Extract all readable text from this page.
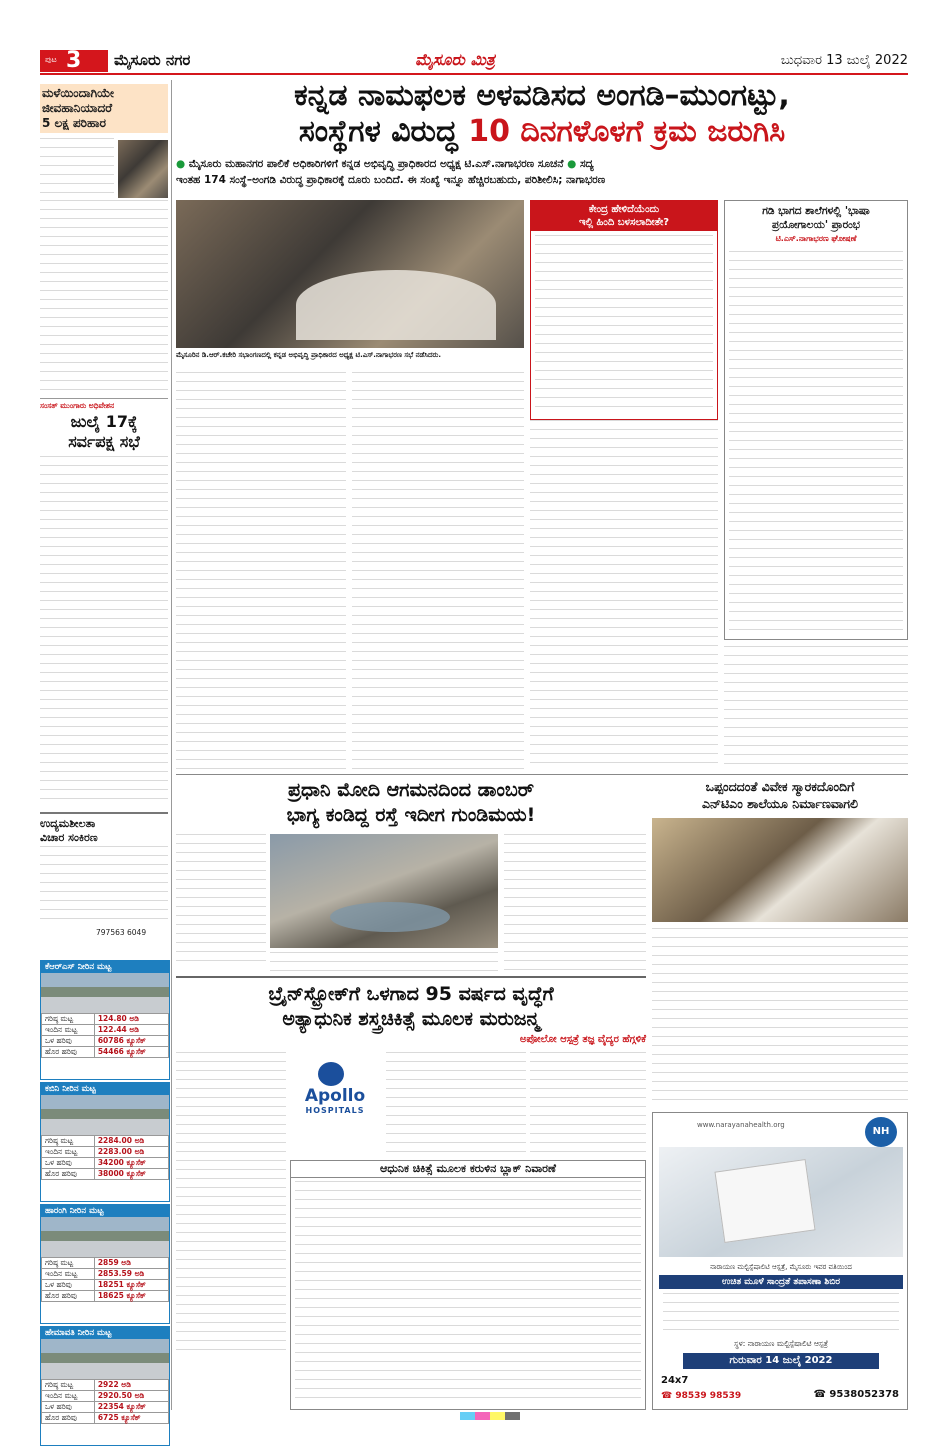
ಪುಟ 3 ಮೈಸೂರು ನಗರ	ಮೈಸೂರು ಮಿತ್ರ	ಬುಧವಾರ 13 ಜುಲೈ 2022
ಮಳೆಯಿಂದಾಗಿಯೇ
ಜೀವಹಾನಿಯಾದರೆ
5 ಲಕ್ಷ ಪರಿಹಾರ
ಸಂಸತ್ ಮುಂಗಾರು ಅಧಿವೇಶನ
ಜುಲೈ 17ಕ್ಕೆ
ಸರ್ವಪಕ್ಷ ಸಭೆ
ಉದ್ಯಮಶೀಲತಾ
ವಿಚಾರ ಸಂಕಿರಣ
797563 6049
ಕೆಆರ್‌ಎಸ್ ನೀರಿನ ಮಟ್ಟ
ಗರಿಷ್ಠ ಮಟ್ಟ	124.80 ಅಡಿ
ಇಂದಿನ ಮಟ್ಟ	122.44 ಅಡಿ
ಒಳ ಹರಿವು	60786 ಕ್ಯೂಸೆಕ್
ಹೊರ ಹರಿವು	54466 ಕ್ಯೂಸೆಕ್
ಕಬಿನಿ ನೀರಿನ ಮಟ್ಟ
ಗರಿಷ್ಠ ಮಟ್ಟ	2284.00 ಅಡಿ
ಇಂದಿನ ಮಟ್ಟ	2283.00 ಅಡಿ
ಒಳ ಹರಿವು	34200 ಕ್ಯೂಸೆಕ್
ಹೊರ ಹರಿವು	38000 ಕ್ಯೂಸೆಕ್
ಹಾರಂಗಿ ನೀರಿನ ಮಟ್ಟ
ಗರಿಷ್ಠ ಮಟ್ಟ	2859 ಅಡಿ
ಇಂದಿನ ಮಟ್ಟ	2853.59 ಅಡಿ
ಒಳ ಹರಿವು	18251 ಕ್ಯೂಸೆಕ್
ಹೊರ ಹರಿವು	18625 ಕ್ಯೂಸೆಕ್
ಹೇಮಾವತಿ ನೀರಿನ ಮಟ್ಟ
ಗರಿಷ್ಠ ಮಟ್ಟ	2922 ಅಡಿ
ಇಂದಿನ ಮಟ್ಟ	2920.50 ಅಡಿ
ಒಳ ಹರಿವು	22354 ಕ್ಯೂಸೆಕ್
ಹೊರ ಹರಿವು	6725 ಕ್ಯೂಸೆಕ್
ಕನ್ನಡ ನಾಮಫಲಕ ಅಳವಡಿಸದ ಅಂಗಡಿ–ಮುಂಗಟ್ಟು,
ಸಂಸ್ಥೆಗಳ ವಿರುದ್ಧ 10 ದಿನಗಳೊಳಗೆ ಕ್ರಮ ಜರುಗಿಸಿ
● ಮೈಸೂರು ಮಹಾನಗರ ಪಾಲಿಕೆ ಅಧಿಕಾರಿಗಳಿಗೆ ಕನ್ನಡ ಅಭಿವೃದ್ಧಿ ಪ್ರಾಧಿಕಾರದ ಅಧ್ಯಕ್ಷ ಟಿ.ಎಸ್.ನಾಗಾಭರಣ ಸೂಚನೆ ● ಸದ್ಯ
ಇಂತಹ 174 ಸಂಸ್ಥೆ–ಅಂಗಡಿ ವಿರುದ್ಧ ಪ್ರಾಧಿಕಾರಕ್ಕೆ ದೂರು ಬಂದಿದೆ. ಈ ಸಂಖ್ಯೆ ಇನ್ನೂ ಹೆಚ್ಚಿರಬಹುದು, ಪರಿಶೀಲಿಸಿ; ನಾಗಾಭರಣ
ಮೈಸೂರಿನ ಡಿ.ಆರ್.ಕಚೇರಿ ಸಭಾಂಗಣದಲ್ಲಿ ಕನ್ನಡ ಅಭಿವೃದ್ಧಿ ಪ್ರಾಧಿಕಾರದ ಅಧ್ಯಕ್ಷ ಟಿ.ಎಸ್.ನಾಗಾಭರಣ ಸಭೆ ನಡೆಸಿದರು.
ಕೇಂದ್ರ ಹೇಳಿದೆಯೆಂದು
ಇಲ್ಲಿ ಹಿಂದಿ ಬಳಸಲಾದೀತೇ?
ಗಡಿ ಭಾಗದ ಶಾಲೆಗಳಲ್ಲಿ 'ಭಾಷಾ
ಪ್ರಯೋಗಾಲಯ' ಪ್ರಾರಂಭ
ಟಿ.ಎಸ್.ನಾಗಾಭರಣ ಘೋಷಣೆ
ಪ್ರಧಾನಿ ಮೋದಿ ಆಗಮನದಿಂದ ಡಾಂಬರ್
ಭಾಗ್ಯ ಕಂಡಿದ್ದ ರಸ್ತೆ ಇದೀಗ ಗುಂಡಿಮಯ!
ಒಪ್ಪಂದದಂತೆ ವಿವೇಕ ಸ್ಮಾರಕದೊಂದಿಗೆ
ಎನ್‌ಟಿಎಂ ಶಾಲೆಯೂ ನಿರ್ಮಾಣವಾಗಲಿ
ಬ್ರೈನ್‌ಸ್ಟ್ರೋಕ್‌ಗೆ ಒಳಗಾದ 95 ವರ್ಷದ ವೃದ್ಧೆಗೆ
ಅತ್ಯಾಧುನಿಕ ಶಸ್ತ್ರಚಿಕಿತ್ಸೆ ಮೂಲಕ ಮರುಜನ್ಮ
ಅಪೋಲೋ ಆಸ್ಪತ್ರೆ ತಜ್ಞ ವೈದ್ಯರ ಹೆಗ್ಗಳಿಕೆ
Apollo
HOSPITALS
ಆಧುನಿಕ ಚಿಕಿತ್ಸೆ ಮೂಲಕ ಕರುಳಿನ ಬ್ಲಾಕ್ ನಿವಾರಣೆ
www.narayanahealth.org
NH
ನಾರಾಯಣ ಮಲ್ಟಿಸ್ಪೆಷಾಲಿಟಿ ಆಸ್ಪತ್ರೆ, ಮೈಸೂರು ಇವರ ವತಿಯಿಂದ
ಉಚಿತ ಮೂಳೆ ಸಾಂದ್ರತೆ ತಪಾಸಣಾ ಶಿಬಿರ
ಸ್ಥಳ: ನಾರಾಯಣ ಮಲ್ಟಿಸ್ಪೆಷಾಲಿಟಿ ಆಸ್ಪತ್ರೆ
ಗುರುವಾರ 14 ಜುಲೈ 2022
24x7
☎ 98539 98539	☎ 9538052378
